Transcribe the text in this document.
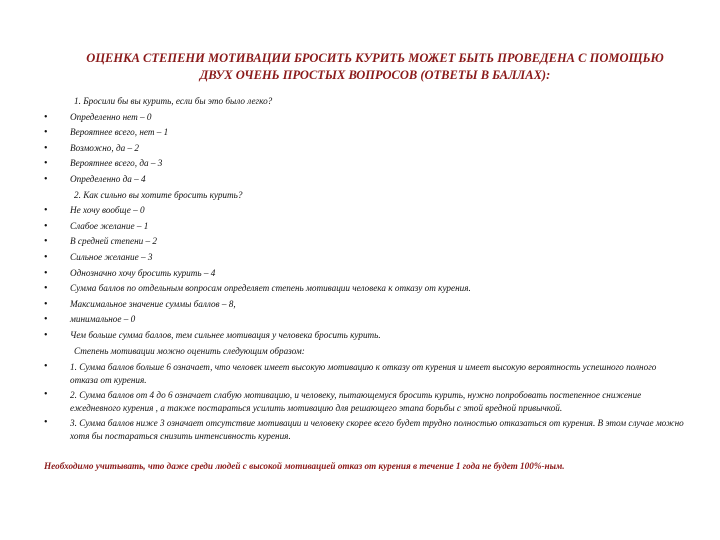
ОЦЕНКА СТЕПЕНИ МОТИВАЦИИ БРОСИТЬ КУРИТЬ МОЖЕТ БЫТЬ ПРОВЕДЕНА С ПОМОЩЬЮ ДВУХ ОЧЕНЬ ПРОСТЫХ ВОПРОСОВ (ОТВЕТЫ В БАЛЛАХ):
1. Бросили бы вы курить, если бы это было легко?
• Определенно нет – 0
• Вероятнее всего, нет – 1
• Возможно, да – 2
• Вероятнее всего, да – 3
• Определенно да – 4
2. Как сильно вы хотите бросить курить?
• Не хочу вообще – 0
• Слабое желание – 1
• В средней степени – 2
• Сильное желание – 3
• Однозначно хочу бросить курить – 4
• Сумма баллов по отдельным вопросам определяет степень мотивации человека к отказу от курения.
• Максимальное значение суммы баллов – 8,
• минимальное – 0
• Чем больше сумма баллов, тем сильнее мотивация у человека бросить курить.
Степень мотивации можно оценить следующим образом:
• 1. Сумма баллов больше 6 означает, что человек имеет высокую мотивацию к отказу от курения и имеет высокую вероятность успешного полного отказа от курения.
• 2. Сумма баллов от 4 до 6 означает слабую мотивацию, и человеку, пытающемуся бросить курить, нужно попробовать постепенное снижение ежедневного курения , а также постараться усилить мотивацию для решающего этапа борьбы с этой вредной привычкой.
• 3. Сумма баллов ниже 3 означает отсутствие мотивации и человеку скорее всего будет трудно полностью отказаться от курения. В этом случае можно хотя бы постараться снизить интенсивность курения.
Необходимо учитывать, что даже среди людей с высокой мотивацией отказ от курения в течение 1 года не будет 100%-ным.
